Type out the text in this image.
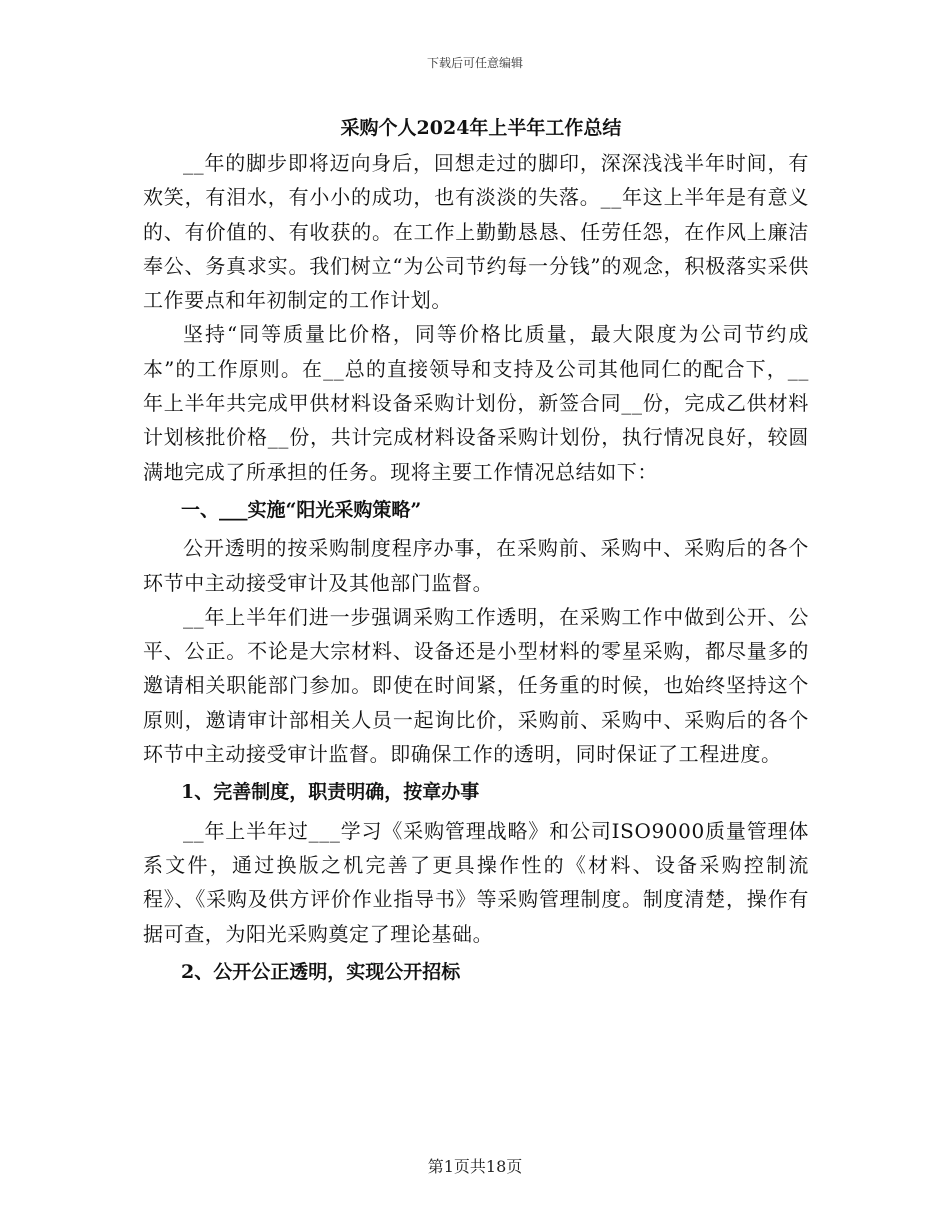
下载后可任意编辑
采购个人2024年上半年工作总结

__年的脚步即将迈向身后，回想走过的脚印，深深浅浅半年时间，有欢笑，有泪水，有小小的成功，也有淡淡的失落。__年这上半年是有意义的、有价值的、有收获的。在工作上勤勤恳恳、任劳任怨，在作风上廉洁奉公、务真求实。我们树立“为公司节约每一分钱”的观念，积极落实采供工作要点和年初制定的工作计划。

坚持“同等质量比价格，同等价格比质量，最大限度为公司节约成本”的工作原则。在__总的直接领导和支持及公司其他同仁的配合下，__年上半年共完成甲供材料设备采购计划份，新签合同__份，完成乙供材料计划核批价格__份，共计完成材料设备采购计划份，执行情况良好，较圆满地完成了所承担的任务。现将主要工作情况总结如下：

一、___实施“阳光采购策略”

公开透明的按采购制度程序办事，在采购前、采购中、采购后的各个环节中主动接受审计及其他部门监督。

__年上半年们进一步强调采购工作透明，在采购工作中做到公开、公平、公正。不论是大宗材料、设备还是小型材料的零星采购，都尽量多的邀请相关职能部门参加。即使在时间紧，任务重的时候，也始终坚持这个原则，邀请审计部相关人员一起询比价，采购前、采购中、采购后的各个环节中主动接受审计监督。即确保工作的透明，同时保证了工程进度。

1、完善制度，职责明确，按章办事

__年上半年过___学习《采购管理战略》和公司ISO9000质量管理体系文件，通过换版之机完善了更具操作性的《材料、设备采购控制流程》、《采购及供方评价作业指导书》等采购管理制度。制度清楚，操作有据可查，为阳光采购奠定了理论基础。

2、公开公正透明，实现公开招标

第1页共18页
